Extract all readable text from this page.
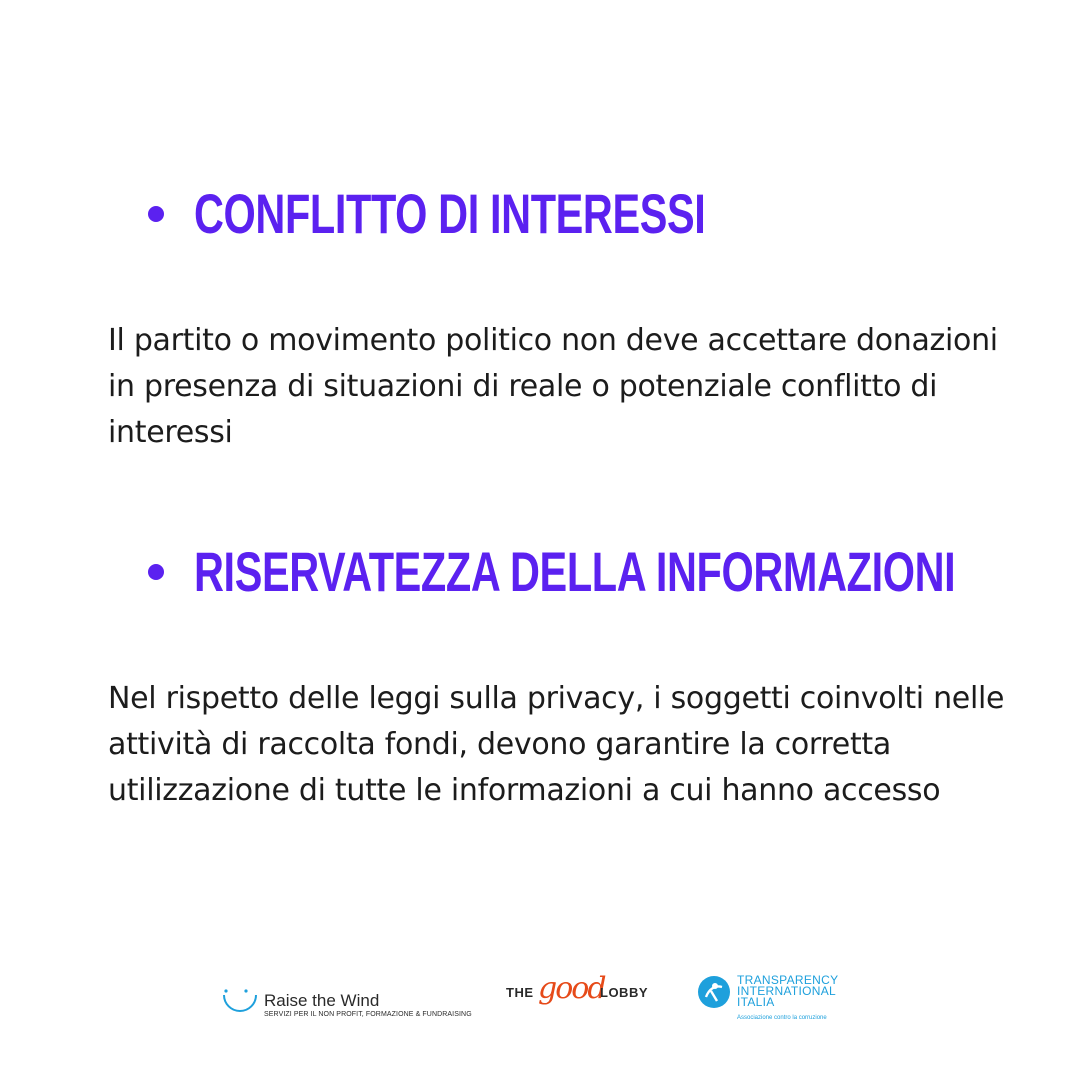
CONFLITTO DI INTERESSI
Il partito o movimento politico non deve accettare donazioni in presenza di situazioni di reale o potenziale conflitto di interessi
RISERVATEZZA DELLA INFORMAZIONI
Nel rispetto delle leggi sulla privacy, i soggetti coinvolti nelle attività di raccolta fondi, devono garantire la corretta utilizzazione di tutte le informazioni a cui hanno accesso
Raise the Wind
SERVIZI PER IL NON PROFIT, FORMAZIONE & FUNDRAISING
THE good
LOBBY
TRANSPARENCY
INTERNATIONAL
ITALIA
Associazione contro la corruzione
